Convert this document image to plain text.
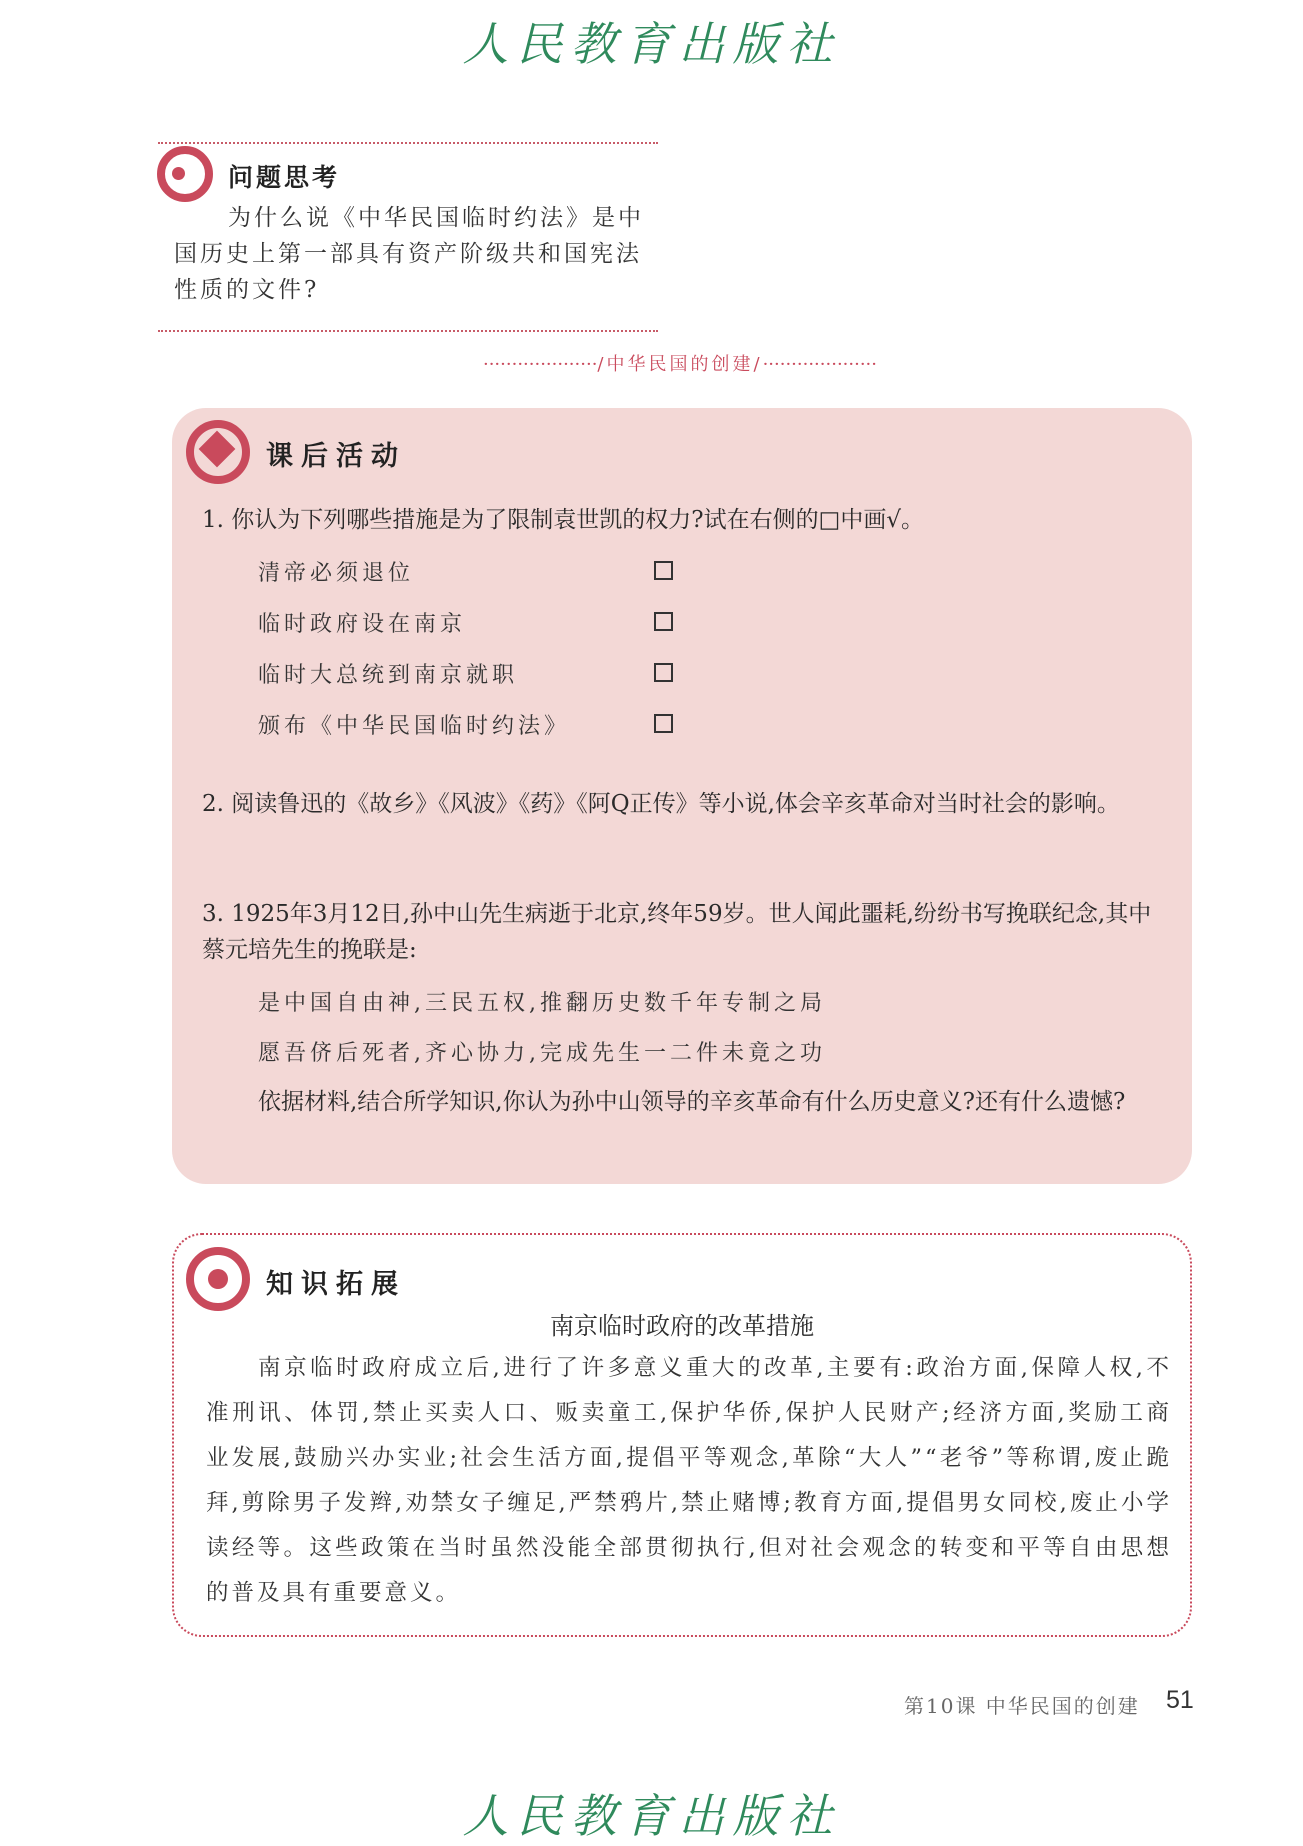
人民教育出版社
问题思考
为什么说《中华民国临时约法》是中国历史上第一部具有资产阶级共和国宪法性质的文件?
····················/中华民国的创建/····················
课后活动
1. 你认为下列哪些措施是为了限制袁世凯的权力?试在右侧的□中画√。
清帝必须退位
临时政府设在南京
临时大总统到南京就职
颁布《中华民国临时约法》
2. 阅读鲁迅的《故乡》《风波》《药》《阿Q正传》等小说,体会辛亥革命对当时社会的影响。
3. 1925年3月12日,孙中山先生病逝于北京,终年59岁。世人闻此噩耗,纷纷书写挽联纪念,其中蔡元培先生的挽联是:
是中国自由神,三民五权,推翻历史数千年专制之局
愿吾侪后死者,齐心协力,完成先生一二件未竟之功
依据材料,结合所学知识,你认为孙中山领导的辛亥革命有什么历史意义?还有什么遗憾?
知识拓展
南京临时政府的改革措施
南京临时政府成立后,进行了许多意义重大的改革,主要有:政治方面,保障人权,不准刑讯、体罚,禁止买卖人口、贩卖童工,保护华侨,保护人民财产;经济方面,奖励工商业发展,鼓励兴办实业;社会生活方面,提倡平等观念,革除“大人”“老爷”等称谓,废止跪拜,剪除男子发辫,劝禁女子缠足,严禁鸦片,禁止赌博;教育方面,提倡男女同校,废止小学读经等。这些政策在当时虽然没能全部贯彻执行,但对社会观念的转变和平等自由思想的普及具有重要意义。
第10课 中华民国的创建 51
人民教育出版社
